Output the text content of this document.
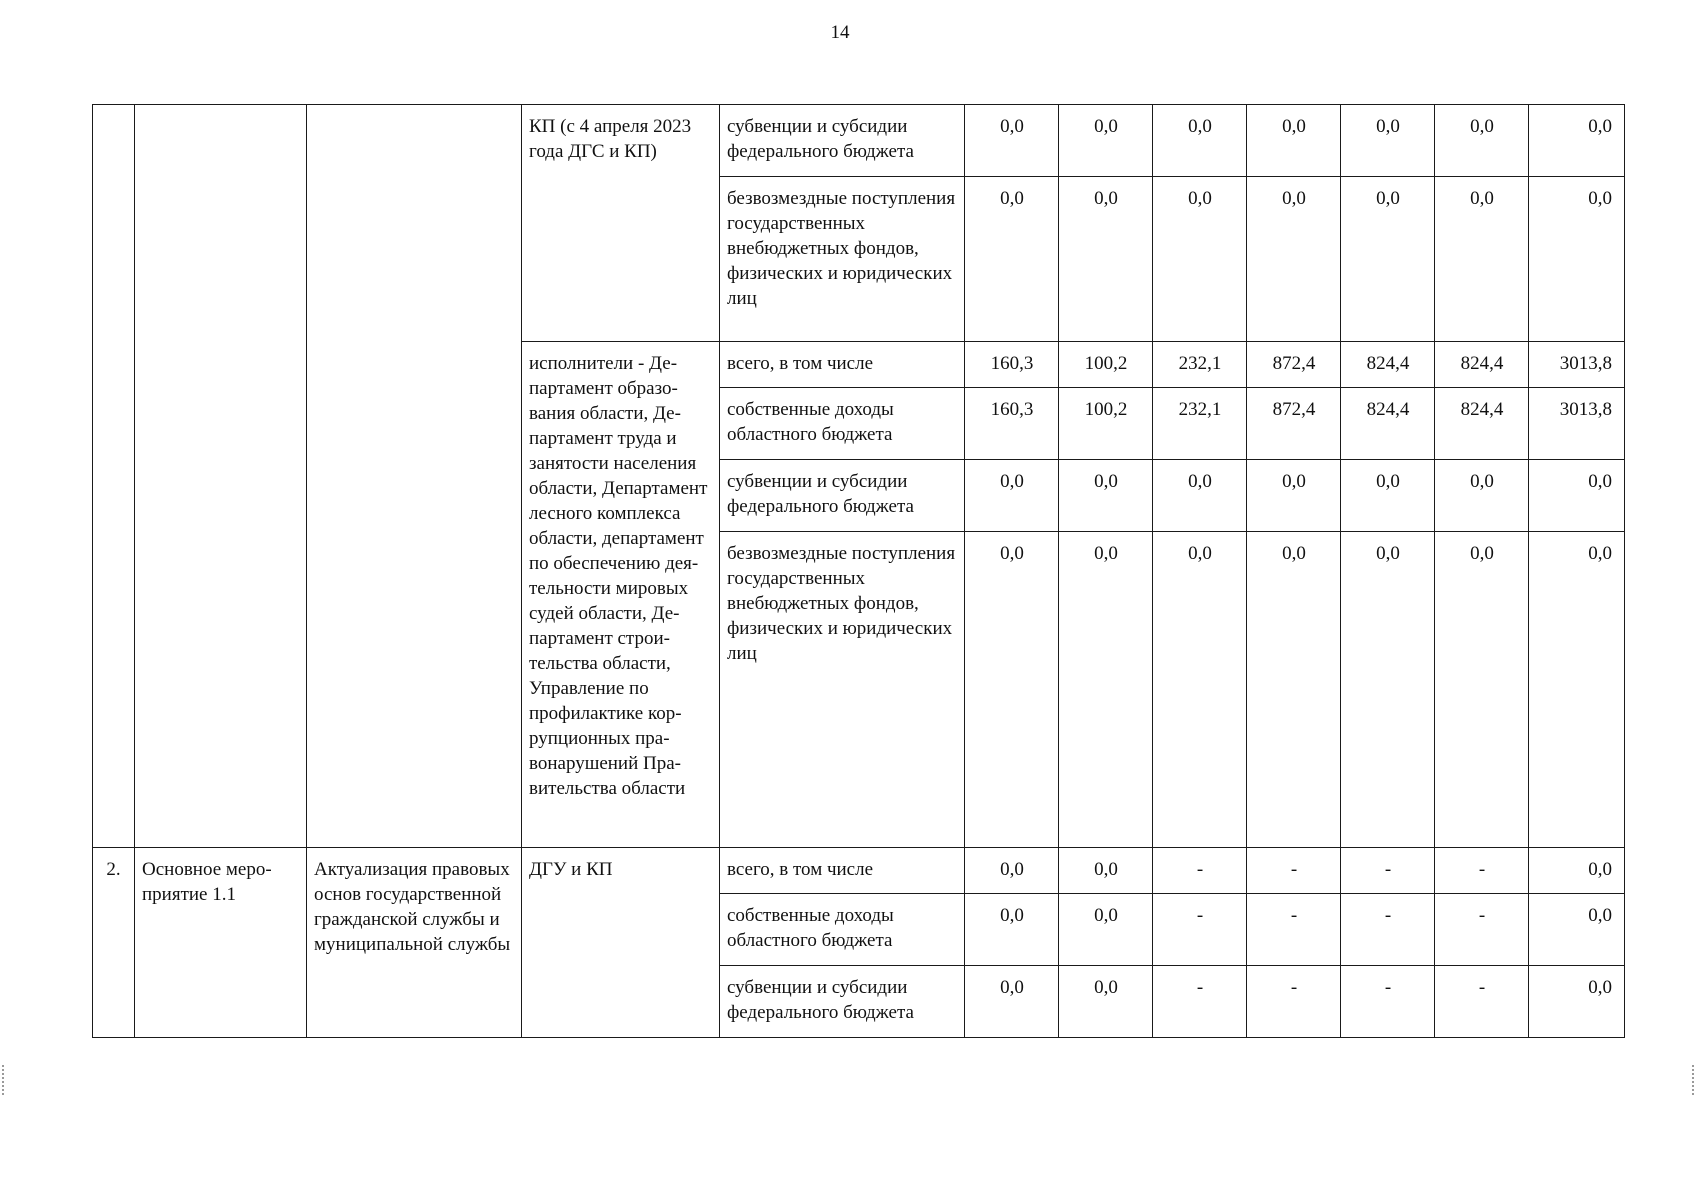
14
			КП (с 4 апреля 2023 года ДГС и КП)	субвенции и субсидии федерального бюджета	0,0	0,0	0,0	0,0	0,0	0,0	0,0
				безвозмездные поступления государственных внебюджетных фондов, физических и юридических лиц	0,0	0,0	0,0	0,0	0,0	0,0	0,0
			исполнители - Департамент образования области, Департамент труда и занятости населения области, Департамент лесного комплекса области, департамент по обеспечению деятельности мировых судей области, Департамент строительства области, Управление по профилактике коррупционных правонарушений Правительства области	всего, в том числе	160,3	100,2	232,1	872,4	824,4	824,4	3013,8
				собственные доходы областного бюджета	160,3	100,2	232,1	872,4	824,4	824,4	3013,8
				субвенции и субсидии федерального бюджета	0,0	0,0	0,0	0,0	0,0	0,0	0,0
				безвозмездные поступления государственных внебюджетных фондов, физических и юридических лиц	0,0	0,0	0,0	0,0	0,0	0,0	0,0
2.	Основное мероприятие 1.1	Актуализация правовых основ государственной гражданской службы и муниципальной службы	ДГУ и КП	всего, в том числе	0,0	0,0	-	-	-	-	0,0
				собственные доходы областного бюджета	0,0	0,0	-	-	-	-	0,0
				субвенции и субсидии федерального бюджета	0,0	0,0	-	-	-	-	0,0
